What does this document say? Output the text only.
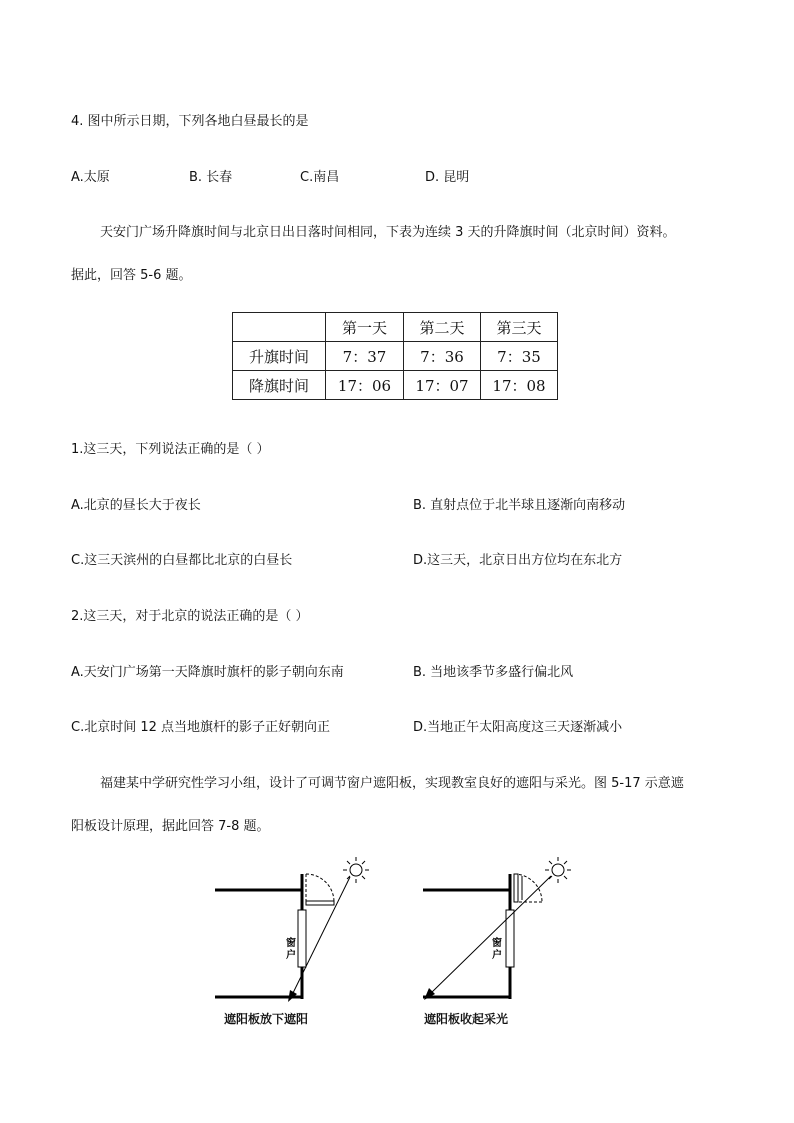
4. 图中所示日期，下列各地白昼最长的是
A.太原	B. 长春	C.南昌	D. 昆明
天安门广场升降旗时间与北京日出日落时间相同，下表为连续 3 天的升降旗时间（北京时间）资料。
据此，回答 5-6 题。
	第一天	第二天	第三天
升旗时间	7：37	7：36	7：35
降旗时间	17：06	17：07	17：08
1.这三天，下列说法正确的是（ ）
A.北京的昼长大于夜长	B. 直射点位于北半球且逐渐向南移动
C.这三天滨州的白昼都比北京的白昼长	D.这三天，北京日出方位均在东北方
2.这三天，对于北京的说法正确的是（ ）
A.天安门广场第一天降旗时旗杆的影子朝向东南	B. 当地该季节多盛行偏北风
C.北京时间 12 点当地旗杆的影子正好朝向正	D.当地正午太阳高度这三天逐渐减小
福建某中学研究性学习小组，设计了可调节窗户遮阳板，实现教室良好的遮阳与采光。图 5-17 示意遮
阳板设计原理，据此回答 7-8 题。
窗户
遮阳板放下遮阳
窗户
遮阳板收起采光
